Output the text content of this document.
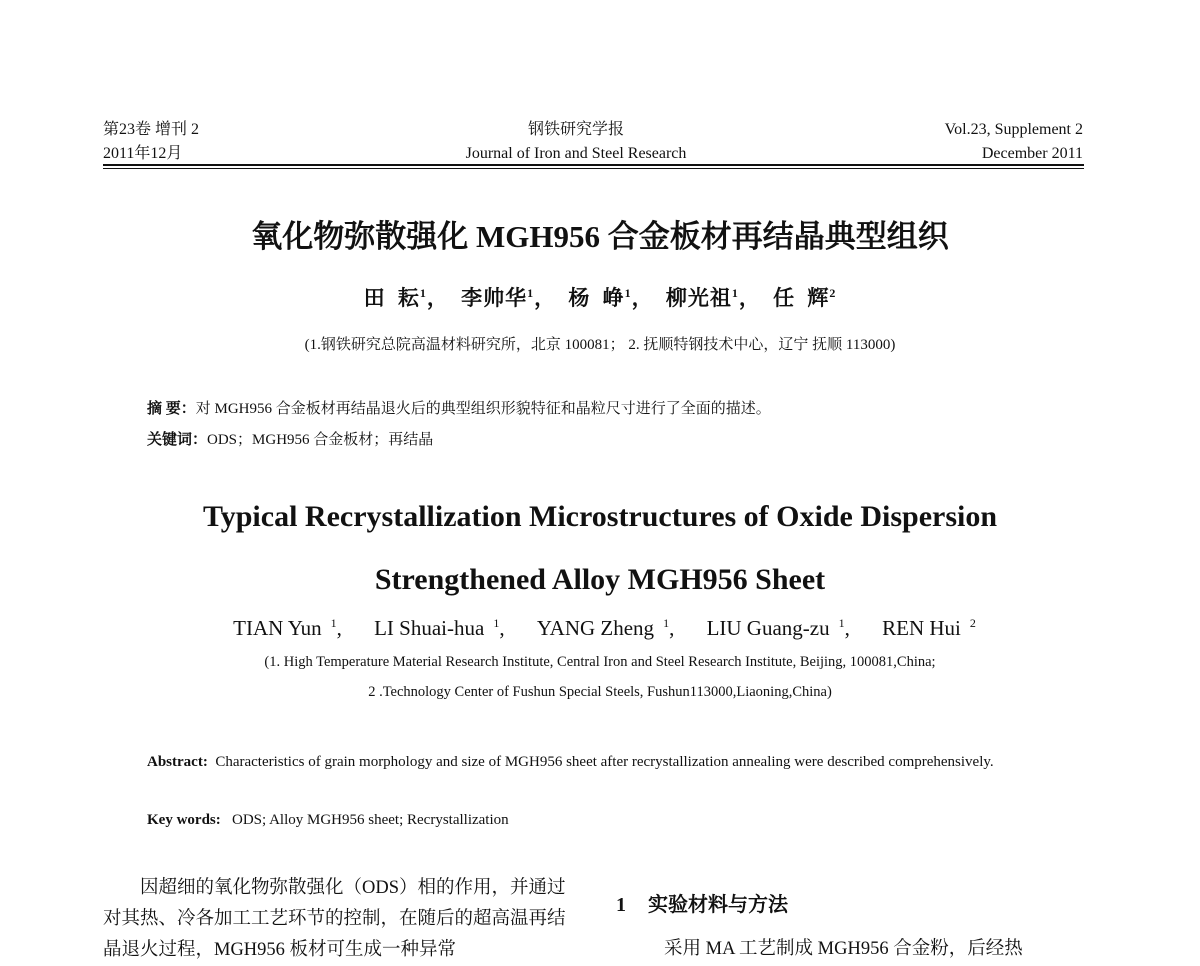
第23卷 增刊 2
2011年12月
钢铁研究学报
Journal of Iron and Steel Research
Vol.23, Supplement 2
December 2011
氧化物弥散强化 MGH956 合金板材再结晶典型组织
田 耘$^1$， 李帅华$^1$， 杨 峥$^1$， 柳光祖$^1$， 任 辉$^2$
(1.钢铁研究总院高温材料研究所，北京 100081； 2. 抚顺特钢技术中心，辽宁 抚顺 113000)
摘 要：对 MGH956 合金板材再结晶退火后的典型组织形貌特征和晶粒尺寸进行了全面的描述。
关键词：ODS；MGH956 合金板材；再结晶
Typical Recrystallization Microstructures of Oxide Dispersion
Strengthened Alloy MGH956 Sheet
TIAN Yun $^1$, LI Shuai-hua $^1$, YANG Zheng $^1$, LIU Guang-zu $^1$, REN Hui $^2$
(1. High Temperature Material Research Institute, Central Iron and Steel Research Institute, Beijing, 100081,China;
2 .Technology Center of Fushun Special Steels, Fushun113000,Liaoning,China)
Abstract: Characteristics of grain morphology and size of MGH956 sheet after recrystallization annealing were described comprehensively.
Key words: ODS; Alloy MGH956 sheet; Recrystallization
因超细的氧化物弥散强化（ODS）相的作用，并通过对其热、冷各加工工艺环节的控制，在随后的超高温再结晶退火过程，MGH956 板材可生成一种异常
1 实验材料与方法
采用 MA 工艺制成 MGH956 合金粉，后经热
